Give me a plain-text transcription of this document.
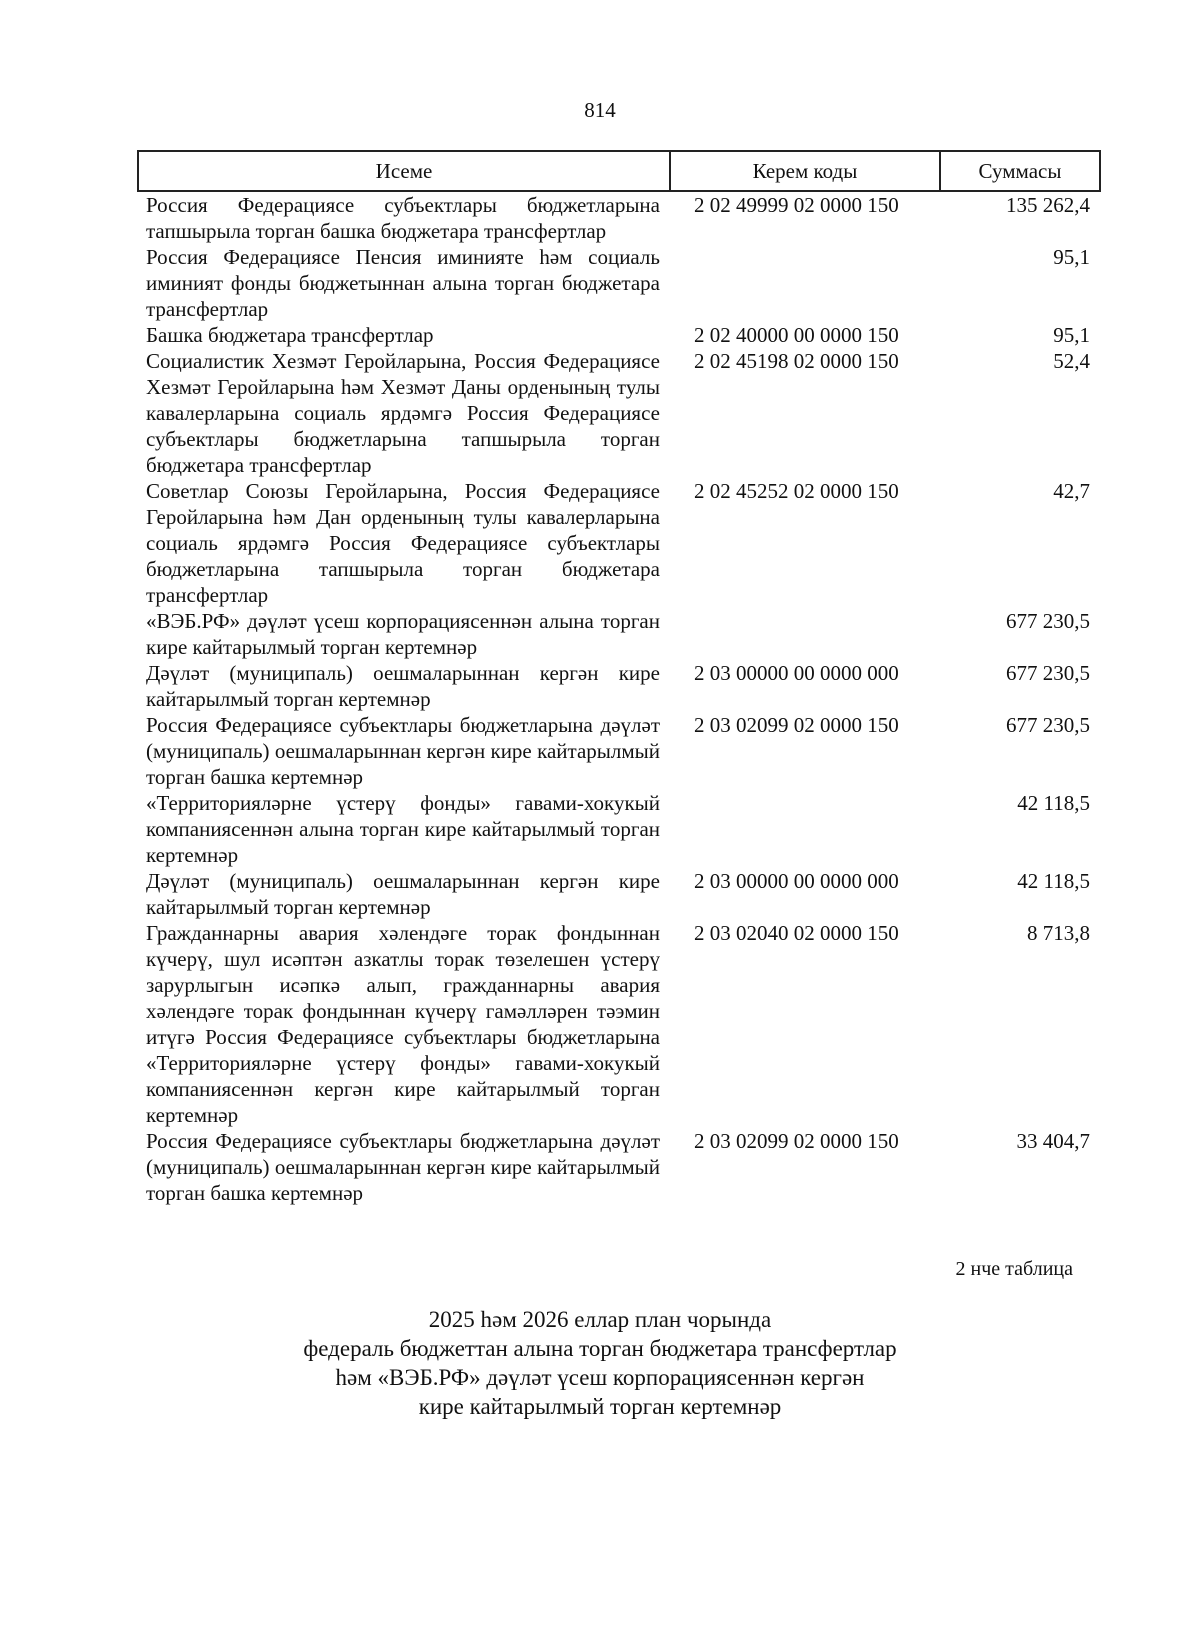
814
Исеме	Керем коды	Суммасы
Россия Федерациясе субъектлары бюджетларына тапшырыла торган башка бюджетара трансфертлар	2 02 49999 02 0000 150	135 262,4
Россия Федерациясе Пенсия иминияте һәм социаль иминият фонды бюджетыннан алына торган бюджетара трансфертлар		95,1
Башка бюджетара трансфертлар	2 02 40000 00 0000 150	95,1
Социалистик Хезмәт Геройларына, Россия Федерациясе Хезмәт Геройларына һәм Хезмәт Даны орденының тулы кавалерларына социаль ярдәмгә Россия Федерациясе субъектлары бюджетларына тапшырыла торган бюджетара трансфертлар	2 02 45198 02 0000 150	52,4
Советлар Союзы Геройларына, Россия Федерациясе Геройларына һәм Дан орденының тулы кавалерларына социаль ярдәмгә Россия Федерациясе субъектлары бюджетларына тапшырыла торган бюджетара трансфертлар	2 02 45252 02 0000 150	42,7
«ВЭБ.РФ» дәүләт үсеш корпорациясеннән алына торган кире кайтарылмый торган кертемнәр		677 230,5
Дәүләт (муниципаль) оешмаларыннан кергән кире кайтарылмый торган кертемнәр	2 03 00000 00 0000 000	677 230,5
Россия Федерациясе субъектлары бюджетларына дәүләт (муниципаль) оешмаларыннан кергән кире кайтарылмый торган башка кертемнәр	2 03 02099 02 0000 150	677 230,5
«Территорияләрне үстерү фонды» гавами-хокукый компаниясеннән алына торган кире кайтарылмый торган кертемнәр		42 118,5
Дәүләт (муниципаль) оешмаларыннан кергән кире кайтарылмый торган кертемнәр	2 03 00000 00 0000 000	42 118,5
Гражданнарны авария хәлендәге торак фондыннан күчерү, шул исәптән азкатлы торак төзелешен үстерү зарурлыгын исәпкә алып, гражданнарны авария хәлендәге торак фондыннан күчерү гамәлләрен тәэмин итүгә Россия Федерациясе субъектлары бюджетларына «Территорияләрне үстерү фонды» гавами-хокукый компаниясеннән кергән кире кайтарылмый торган кертемнәр	2 03 02040 02 0000 150	8 713,8
Россия Федерациясе субъектлары бюджетларына дәүләт (муниципаль) оешмаларыннан кергән кире кайтарылмый торган башка кертемнәр	2 03 02099 02 0000 150	33 404,7
2 нче таблица
2025 һәм 2026 еллар план чорында
федераль бюджеттан алына торган бюджетара трансфертлар
һәм «ВЭБ.РФ» дәүләт үсеш корпорациясеннән кергән
кире кайтарылмый торган кертемнәр
